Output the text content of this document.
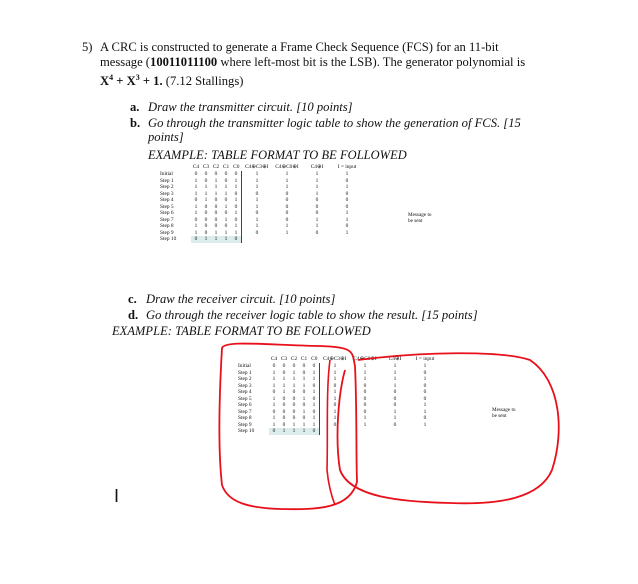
5) A CRC is constructed to generate a Frame Check Sequence (FCS) for an 11-bit
message (10011011100 where left-most bit is the LSB). The generator polynomial is
$X^4 + X^3 + 1$. (7.12 Stallings)
a. Draw the transmitter circuit. [10 points]
b. Go through the transmitter logic table to show the generation of FCS. [15
points]
EXAMPLE: TABLE FORMAT TO BE FOLLOWED
	C4	C3	C2	C1	C0	C4⊕C3⊕I	C4⊕C0⊕I	C4⊕I	I = input
Initial	0	0	0	0	0	1	1	1	1
Step 1	1	0	1	0	1	1	1	1	0
Step 2	1	1	1	1	1	1	1	1	1
Step 3	1	1	1	1	0	0	0	1	0
Step 4	0	1	0	0	1	1	0	0	0
Step 5	1	0	0	1	0	1	0	0	0
Step 6	1	0	0	0	1	0	0	0	1
Step 7	0	0	0	1	0	1	0	1	1
Step 8	1	0	0	0	1	1	1	1	0
Step 9	1	0	1	1	1	0	1	0	1
Step 10	0	1	1	1	0				
Message to
be sent
c. Draw the receiver circuit. [10 points]
d. Go through the receiver logic table to show the result. [15 points]
EXAMPLE: TABLE FORMAT TO BE FOLLOWED
	C4	C3	C2	C1	C0	C4⊕C3⊕I	C4⊕C0⊕I	C4⊕I	I = input
Initial	0	0	0	0	0	1	1	1	1
Step 1	1	0	1	0	1	1	1	1	0
Step 2	1	1	1	1	1	1	1	1	1
Step 3	1	1	1	1	0	0	0	1	0
Step 4	0	1	0	0	1	1	0	0	0
Step 5	1	0	0	1	0	1	0	0	0
Step 6	1	0	0	0	1	0	0	0	1
Step 7	0	0	0	1	0	1	0	1	1
Step 8	1	0	0	0	1	1	1	1	0
Step 9	1	0	1	1	1	0	1	0	1
Step 10	0	1	1	1	0				
Message to
be sent
I
